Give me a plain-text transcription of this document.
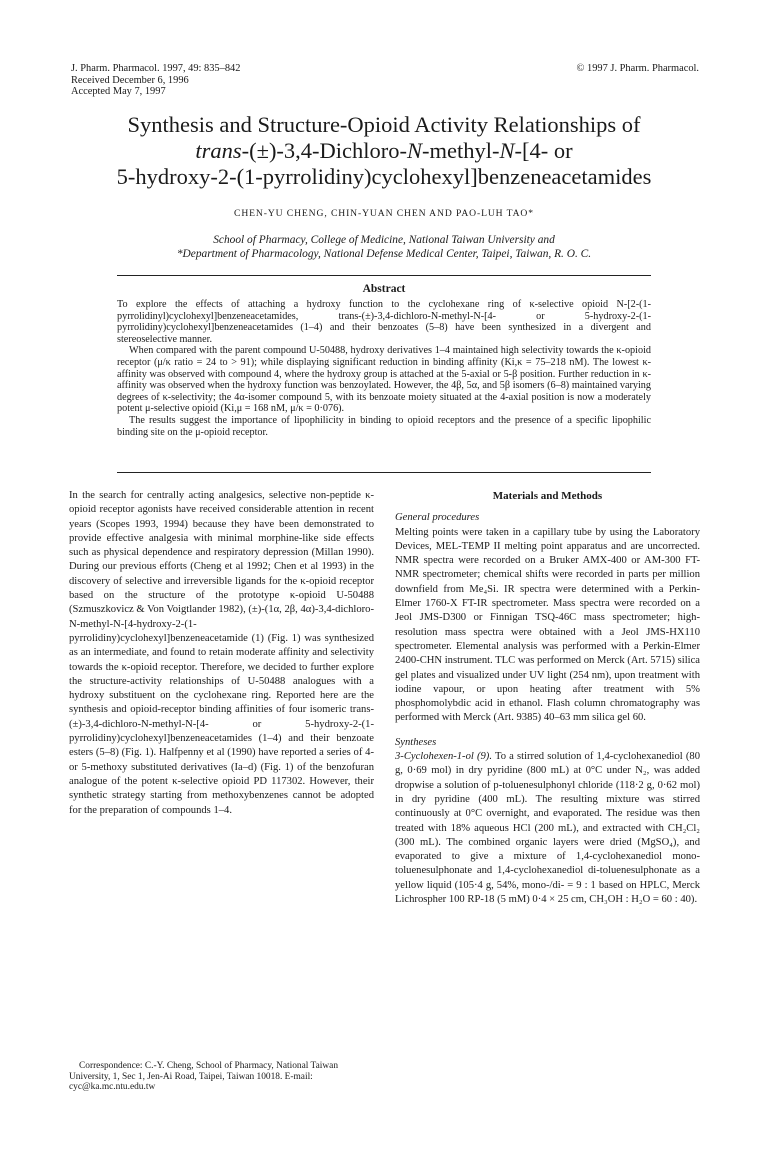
J. Pharm. Pharmacol. 1997, 49: 835–842
Received December 6, 1996
Accepted May 7, 1997
© 1997 J. Pharm. Pharmacol.
Synthesis and Structure-Opioid Activity Relationships of
trans-(±)-3,4-Dichloro-N-methyl-N-[4- or
5-hydroxy-2-(1-pyrrolidiny)cyclohexyl]benzeneacetamides
CHEN-YU CHENG, CHIN-YUAN CHEN AND PAO-LUH TAO*
School of Pharmacy, College of Medicine, National Taiwan University and
*Department of Pharmacology, National Defense Medical Center, Taipei, Taiwan, R. O. C.
Abstract

To explore the effects of attaching a hydroxy function to the cyclohexane ring of κ-selective opioid N-[2-(1-pyrrolidinyl)cyclohexyl]benzeneacetamides, trans-(±)-3,4-dichloro-N-methyl-N-[4- or 5-hydroxy-2-(1-pyrrolidiny)cyclohexyl]benzeneacetamides (1–4) and their benzoates (5–8) have been synthesized in a divergent and stereoselective manner.

When compared with the parent compound U-50488, hydroxy derivatives 1–4 maintained high selectivity towards the κ-opioid receptor (μ/κ ratio = 24 to > 91); while displaying significant reduction in binding affinity (Ki,κ = 75–218 nM). The lowest κ-affinity was observed with compound 4, where the hydroxy group is attached at the 5-axial or 5-β position. Further reduction in κ-affinity was observed when the hydroxy function was benzoylated. However, the 4β, 5α, and 5β isomers (6–8) maintained varying degrees of κ-selectivity; the 4α-isomer compound 5, with its benzoate moiety situated at the 4-axial position is now a moderately potent μ-selective opioid (Ki,μ = 168 nM, μ/κ = 0·076).

The results suggest the importance of lipophilicity in binding to opioid receptors and the presence of a specific lipophilic binding site on the μ-opioid receptor.

In the search for centrally acting analgesics, selective non-peptide κ-opioid receptor agonists have received considerable attention in recent years (Scopes 1993, 1994) because they have been demonstrated to provide effective analgesia with minimal morphine-like side effects such as physical dependence and respiratory depression (Millan 1990). During our previous efforts (Cheng et al 1992; Chen et al 1993) in the discovery of selective and irreversible ligands for the κ-opioid receptor based on the structure of the prototype κ-opioid U-50488 (Szmuszkovicz & Von Voigtlander 1982), (±)-(1α, 2β, 4α)-3,4-dichloro-N-methyl-N-[4-hydroxy-2-(1-pyrrolidiny)cyclohexyl]benzeneacetamide (1) (Fig. 1) was synthesized as an intermediate, and found to retain moderate affinity and selectivity towards the κ-opioid receptor. Therefore, we decided to further explore the structure-activity relationships of U-50488 analogues with a hydroxy substituent on the cyclohexane ring. Reported here are the synthesis and opioid-receptor binding affinities of four isomeric trans-(±)-3,4-dichloro-N-methyl-N-[4- or 5-hydroxy-2-(1-pyrrolidiny)cyclohexyl]benzeneacetamides (1–4) and their benzoate esters (5–8) (Fig. 1). Halfpenny et al (1990) have reported a series of 4- or 5-methoxy substituted derivatives (Ia–d) (Fig. 1) of the benzofuran analogue of the potent κ-selective opioid PD 117302. However, their synthetic strategy starting from methoxybenzenes cannot be adopted for the preparation of compounds 1–4.

Correspondence: C.-Y. Cheng, School of Pharmacy, National Taiwan University, 1, Sec 1, Jen-Ai Road, Taipei, Taiwan 10018. E-mail: cyc@ka.mc.ntu.edu.tw

Materials and Methods

General procedures

Melting points were taken in a capillary tube by using the Laboratory Devices, MEL-TEMP II melting point apparatus and are uncorrected. NMR spectra were recorded on a Bruker AMX-400 or AM-300 FT-NMR spectrometer; chemical shifts were recorded in parts per million downfield from Me₄Si. IR spectra were determined with a Perkin-Elmer 1760-X FT-IR spectrometer. Mass spectra were recorded on a Jeol JMS-D300 or Finnigan TSQ-46C mass spectrometer; high-resolution mass spectra were obtained with a Jeol JMS-HX110 spectrometer. Elemental analysis was performed with a Perkin-Elmer 2400-CHN instrument. TLC was performed on Merck (Art. 5715) silica gel plates and visualized under UV light (254 nm), upon treatment with iodine vapour, or upon heating after treatment with 5% phosphomolybdic acid in ethanol. Flash column chromatography was performed with Merck (Art. 9385) 40–63 mm silica gel 60.

Syntheses

3-Cyclohexen-1-ol (9). To a stirred solution of 1,4-cyclohexanediol (80 g, 0·69 mol) in dry pyridine (800 mL) at 0°C under N₂, was added dropwise a solution of p-toluenesulphonyl chloride (118·2 g, 0·62 mol) in dry pyridine (400 mL). The resulting mixture was stirred continuously at 0°C overnight, and evaporated. The residue was then treated with 18% aqueous HCl (200 mL), and extracted with CH₂Cl₂ (300 mL). The combined organic layers were dried (MgSO₄), and evaporated to give a mixture of 1,4-cyclohexanediol mono-toluenesulphonate and 1,4-cyclohexanediol di-toluenesulphonate as a yellow liquid (105·4 g, 54%, mono-/di- = 9 : 1 based on HPLC, Merck Lichrospher 100 RP-18 (5 mM) 0·4 × 25 cm, CH₃OH : H₂O = 60 : 40).
